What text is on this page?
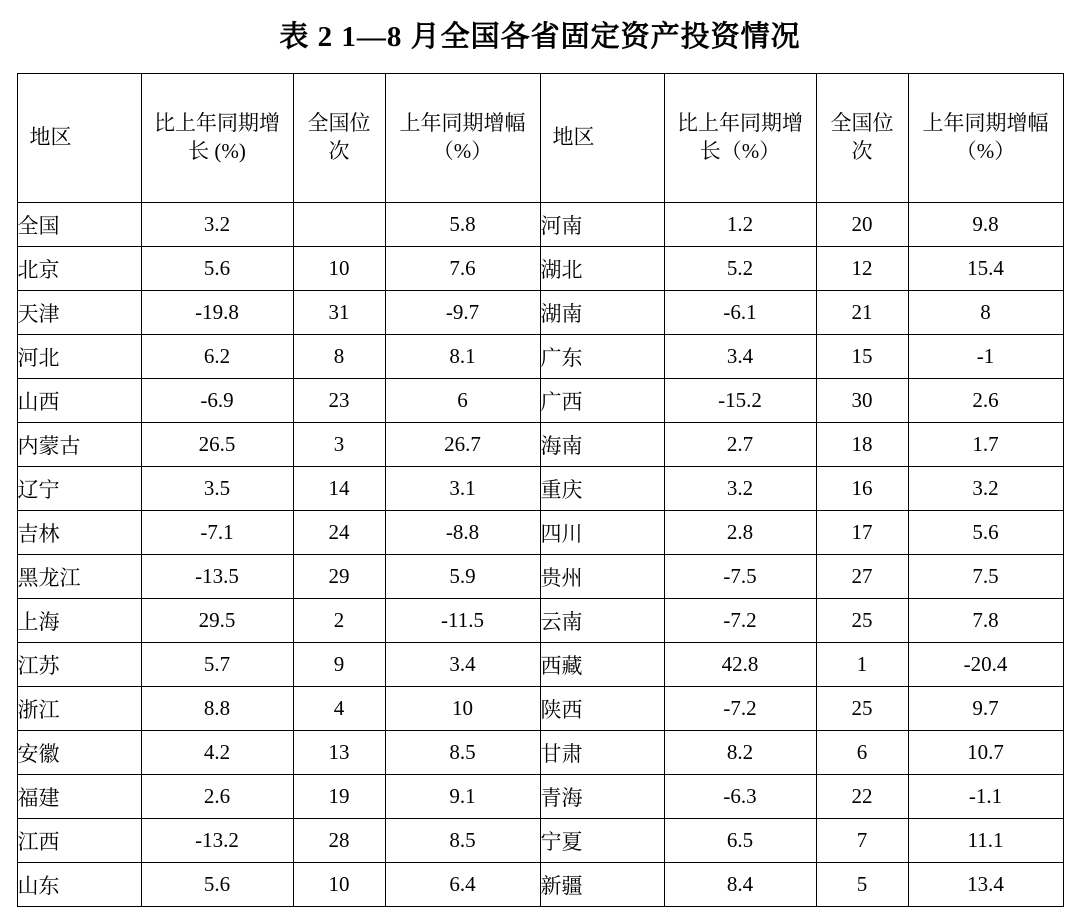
表 2 1—8 月全国各省固定资产投资情况
地区	比上年同期增长 (%)	全国位次	上年同期增幅（%）	地区	比上年同期增长（%）	全国位次	上年同期增幅（%）
全国	3.2		5.8	河南	1.2	20	9.8
北京	5.6	10	7.6	湖北	5.2	12	15.4
天津	-19.8	31	-9.7	湖南	-6.1	21	8
河北	6.2	8	8.1	广东	3.4	15	-1
山西	-6.9	23	6	广西	-15.2	30	2.6
内蒙古	26.5	3	26.7	海南	2.7	18	1.7
辽宁	3.5	14	3.1	重庆	3.2	16	3.2
吉林	-7.1	24	-8.8	四川	2.8	17	5.6
黑龙江	-13.5	29	5.9	贵州	-7.5	27	7.5
上海	29.5	2	-11.5	云南	-7.2	25	7.8
江苏	5.7	9	3.4	西藏	42.8	1	-20.4
浙江	8.8	4	10	陕西	-7.2	25	9.7
安徽	4.2	13	8.5	甘肃	8.2	6	10.7
福建	2.6	19	9.1	青海	-6.3	22	-1.1
江西	-13.2	28	8.5	宁夏	6.5	7	11.1
山东	5.6	10	6.4	新疆	8.4	5	13.4
